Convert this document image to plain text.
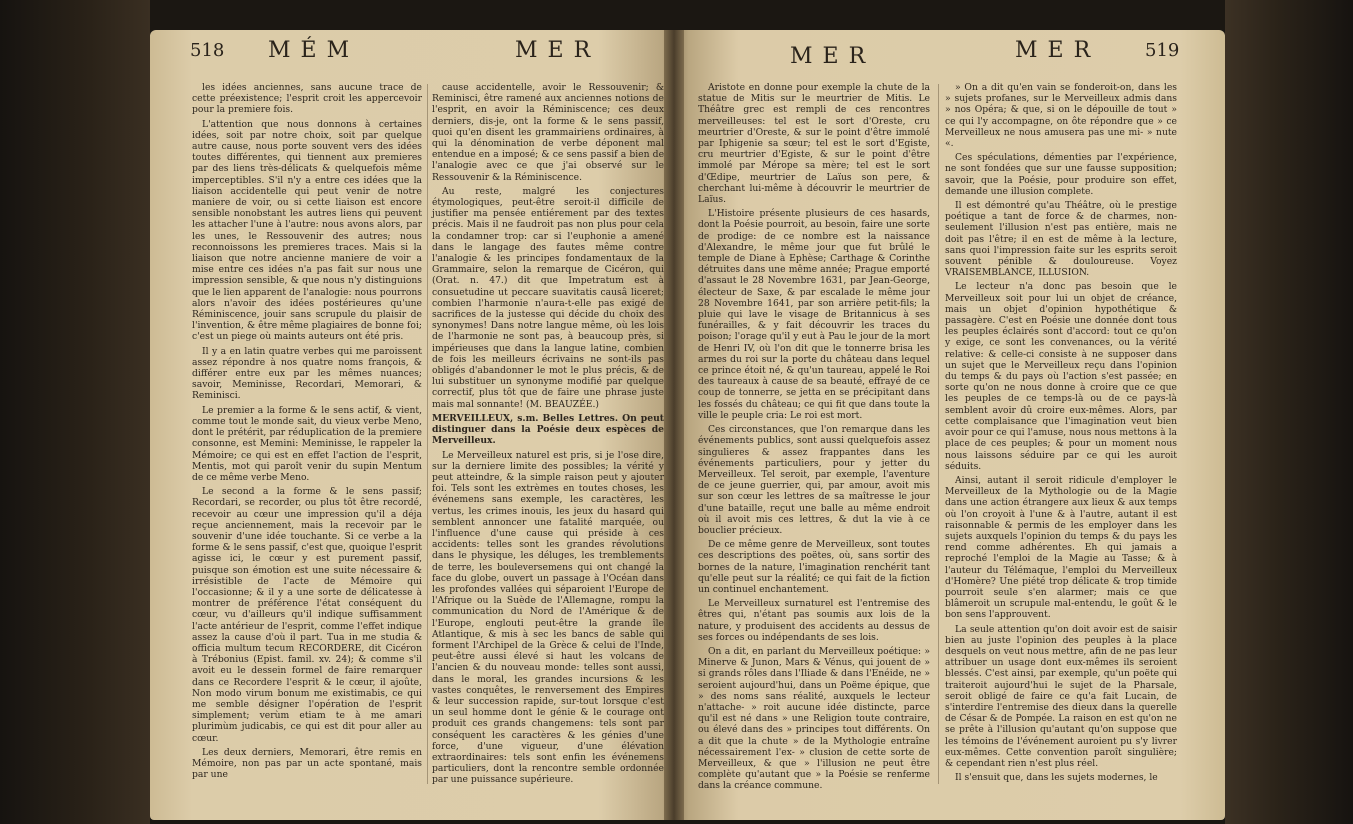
518 MÉM	MER	MER	MER 519

les idées anciennes, sans aucune trace de cette préexistence; l'esprit croit les appercevoir pour la premiere fois.

L'attention que nous donnons à certaines idées, soit par notre choix, soit par quelque autre cause, nous porte souvent vers des idées toutes différentes, qui tiennent aux premieres par des liens très-délicats & quelquefois même imperceptibles. S'il n'y a entre ces idées que la liaison accidentelle qui peut venir de notre maniere de voir, ou si cette liaison est encore sensible nonobstant les autres liens qui peuvent les attacher l'une à l'autre: nous avons alors, par les unes, le Ressouvenir des autres; nous reconnoissons les premieres traces. Mais si la liaison que notre ancienne maniere de voir a mise entre ces idées n'a pas fait sur nous une impression sensible, & que nous n'y distinguions que le lien apparent de l'analogie: nous pourrons alors n'avoir des idées postérieures qu'une Réminiscence, jouir sans scrupule du plaisir de l'invention, & être même plagiaires de bonne foi; c'est un piege où maints auteurs ont été pris.

Il y a en latin quatre verbes qui me paroissent assez répondre à nos quatre noms françois, & différer entre eux par les mêmes nuances; savoir, Meminisse, Recordari, Memorari, & Reminisci.

Le premier a la forme & le sens actif, & vient, comme tout le monde sait, du vieux verbe Meno, dont le prétérit, par réduplication de la premiere consonne, est Memini: Meminisse, le rappeler la Mémoire; ce qui est en effet l'action de l'esprit, Mentis, mot qui paroît venir du supin Mentum de ce même verbe Meno.

Le second a la forme & le sens passif; Recordari, se recorder, ou plus tôt être recordé, recevoir au cœur une impression qu'il a déja reçue anciennement, mais la recevoir par le souvenir d'une idée touchante. Si ce verbe a la forme & le sens passif, c'est que, quoique l'esprit agisse ici, le cœur y est purement passif, puisque son émotion est une suite nécessaire & irrésistible de l'acte de Mémoire qui l'occasionne; & il y a une sorte de délicatesse à montrer de préférence l'état conséquent du cœur, vu d'ailleurs qu'il indique suffisamment l'acte antérieur de l'esprit, comme l'effet indique assez la cause d'où il part. Tua in me studia & officia multum tecum RECORDERE, dit Cicéron à Trébonius (Epist. famil. xv. 24); & comme s'il avoit eu le dessein formel de faire remarquer dans ce Recordere l'esprit & le cœur, il ajoûte, Non modo virum bonum me existimabis, ce qui me semble désigner l'opération de l'esprit simplement; verùm etiam te à me amari plurimùm judicabis, ce qui est dit pour aller au cœur.

Les deux derniers, Memorari, être remis en Mémoire, non pas par un acte spontané, mais par une

cause accidentelle, avoir le Ressouvenir; & Reminisci, être ramené aux anciennes notions de l'esprit, en avoir la Réminiscence; ces deux derniers, dis-je, ont la forme & le sens passif, quoi qu'en disent les grammairiens ordinaires, à qui la dénomination de verbe déponent mal entendue en a imposé; & ce sens passif a bien de l'analogie avec ce que j'ai observé sur le Ressouvenir & la Réminiscence.

Au reste, malgré les conjectures étymologiques, peut-être seroit-il difficile de justifier ma pensée entiérement par des textes précis. Mais il ne faudroit pas non plus pour cela la condamner trop: car si l'euphonie a amené dans le langage des fautes même contre l'analogie & les principes fondamentaux de la Grammaire, selon la remarque de Cicéron, qui (Orat. n. 47.) dit que Impetratum est à consuetudine ut peccare suavitatis causâ liceret; combien l'harmonie n'aura-t-elle pas exigé de sacrifices de la justesse qui décide du choix des synonymes! Dans notre langue même, où les lois de l'harmonie ne sont pas, à beaucoup près, si impérieuses que dans la langue latine, combien de fois les meilleurs écrivains ne sont-ils pas obligés d'abandonner le mot le plus précis, & de lui substituer un synonyme modifié par quelque correctif, plus tôt que de faire une phrase juste mais mal sonnante! (M. BEAUZÉE.)

MERVEILLEUX, s.m. Belles Lettres. On peut distinguer dans la Poésie deux espèces de Merveilleux.

Le Merveilleux naturel est pris, si je l'ose dire, sur la derniere limite des possibles; la vérité y peut atteindre, & la simple raison peut y ajouter foi. Tels sont les extrèmes en toutes choses, les événemens sans exemple, les caractères, les vertus, les crimes inouis, les jeux du hasard qui semblent annoncer une fatalité marquée, ou l'influence d'une cause qui préside à ces accidents: telles sont les grandes révolutions dans le physique, les déluges, les tremblements de terre, les bouleversemens qui ont changé la face du globe, ouvert un passage à l'Océan dans les profondes vallées qui séparoient l'Europe de l'Afrique ou la Suède de l'Allemagne, rompu la communication du Nord de l'Amérique & de l'Europe, englouti peut-être la grande île Atlantique, & mis à sec les bancs de sable qui forment l'Archipel de la Grèce & celui de l'Inde, peut-être aussi élevé si haut les volcans de l'ancien & du nouveau monde: telles sont aussi, dans le moral, les grandes incursions & les vastes conquêtes, le renversement des Empires & leur succession rapide, sur-tout lorsque c'est un seul homme dont le génie & le courage ont produit ces grands changemens: tels sont par conséquent les caractères & les génies d'une force, d'une vigueur, d'une élévation extraordinaires: tels sont enfin les événemens particuliers, dont la rencontre semble ordonnée par une puissance supérieure.

Aristote en donne pour exemple la chute de la statue de Mitis sur le meurtrier de Mitis. Le Théâtre grec est rempli de ces rencontres merveilleuses: tel est le sort d'Oreste, cru meurtrier d'Oreste, & sur le point d'être immolé par Iphigenie sa sœur; tel est le sort d'Egiste, cru meurtrier d'Egiste, & sur le point d'être immolé par Mérope sa mère; tel est le sort d'Œdipe, meurtrier de Laïus son pere, & cherchant lui-même à découvrir le meurtrier de Laïus.

L'Histoire présente plusieurs de ces hasards, dont la Poésie pourroit, au besoin, faire une sorte de prodige: de ce nombre est la naissance d'Alexandre, le même jour que fut brûlé le temple de Diane à Ephèse; Carthage & Corinthe détruites dans une même année; Prague emporté d'assaut le 28 Novembre 1631, par Jean-George, électeur de Saxe, & par escalade le même jour 28 Novembre 1641, par son arrière petit-fils; la pluie qui lave le visage de Britannicus à ses funérailles, & y fait découvrir les traces du poison; l'orage qu'il y eut à Pau le jour de la mort de Henri IV, où l'on dit que le tonnerre brisa les armes du roi sur la porte du château dans lequel ce prince étoit né, & qu'un taureau, appelé le Roi des taureaux à cause de sa beauté, effrayé de ce coup de tonnerre, se jetta en se précipitant dans les fossés du château; ce qui fit que dans toute la ville le peuple cria: Le roi est mort.

Ces circonstances, que l'on remarque dans les événements publics, sont aussi quelquefois assez singulieres & assez frappantes dans les événements particuliers, pour y jetter du Merveilleux. Tel seroit, par exemple, l'aventure de ce jeune guerrier, qui, par amour, avoit mis sur son cœur les lettres de sa maîtresse le jour d'une bataille, reçut une balle au même endroit où il avoit mis ces lettres, & dut la vie à ce bouclier précieux.

De ce même genre de Merveilleux, sont toutes ces descriptions des poëtes, où, sans sortir des bornes de la nature, l'imagination renchérit tant qu'elle peut sur la réalité; ce qui fait de la fiction un continuel enchantement.

Le Merveilleux surnaturel est l'entremise des êtres qui, n'étant pas soumis aux lois de la nature, y produisent des accidents au dessus de ses forces ou indépendants de ses lois.

On a dit, en parlant du Merveilleux poétique: » Minerve & Junon, Mars & Vénus, qui jouent de » si grands rôles dans l'Iliade & dans l'Enéide, ne » seroient aujourd'hui, dans un Poëme épique, que » des noms sans réalité, auxquels le lecteur n'attache- » roit aucune idée distincte, parce qu'il est né dans » une Religion toute contraire, ou élevé dans des » principes tout différents. On a dit que la chute » de la Mythologie entraîne nécessairement l'ex- » clusion de cette sorte de Merveilleux, & que » l'illusion ne peut être complète qu'autant que » la Poésie se renferme dans la créance commune.

» On a dit qu'en vain se fonderoit-on, dans les » sujets profanes, sur le Merveilleux admis dans » nos Opéra; & que, si on le dépouille de tout » ce qui l'y accompagne, on ôte répondre que » ce Merveilleux ne nous amusera pas une mi- » nute «.

Ces spéculations, démenties par l'expérience, ne sont fondées que sur une fausse supposition; savoir, que la Poésie, pour produire son effet, demande une illusion complete.

Il est démontré qu'au Théâtre, où le prestige poétique a tant de force & de charmes, non-seulement l'illusion n'est pas entière, mais ne doit pas l'être; il en est de même à la lecture, sans quoi l'impression faite sur les esprits seroit souvent pénible & douloureuse. Voyez VRAISEMBLANCE, ILLUSION.

Le lecteur n'a donc pas besoin que le Merveilleux soit pour lui un objet de créance, mais un objet d'opinion hypothétique & passagère. C'est en Poésie une donnée dont tous les peuples éclairés sont d'accord: tout ce qu'on y exige, ce sont les convenances, ou la vérité relative: & celle-ci consiste à ne supposer dans un sujet que le Merveilleux reçu dans l'opinion du temps & du pays où l'action s'est passée; en sorte qu'on ne nous donne à croire que ce que les peuples de ce temps-là ou de ce pays-là semblent avoir dû croire eux-mêmes. Alors, par cette complaisance que l'imagination veut bien avoir pour ce qui l'amuse, nous nous mettons à la place de ces peuples; & pour un moment nous nous laissons séduire par ce qui les auroit séduits.

Ainsi, autant il seroit ridicule d'employer le Merveilleux de la Mythologie ou de la Magie dans une action étrangere aux lieux & aux temps où l'on croyoit à l'une & à l'autre, autant il est raisonnable & permis de les employer dans les sujets auxquels l'opinion du temps & du pays les rend comme adhérentes. Eh qui jamais a reproché l'emploi de la Magie au Tasse; & à l'auteur du Télémaque, l'emploi du Merveilleux d'Homère? Une piété trop délicate & trop timide pourroit seule s'en alarmer; mais ce que blâmeroit un scrupule mal-entendu, le goût & le bon sens l'approuvent.

La seule attention qu'on doit avoir est de saisir bien au juste l'opinion des peuples à la place desquels on veut nous mettre, afin de ne pas leur attribuer un usage dont eux-mêmes ils seroient blessés. C'est ainsi, par exemple, qu'un poëte qui traiteroit aujourd'hui le sujet de la Pharsale, seroit obligé de faire ce qu'a fait Lucain, de s'interdire l'entremise des dieux dans la querelle de César & de Pompée. La raison en est qu'on ne se prête à l'illusion qu'autant qu'on suppose que les témoins de l'événement auroient pu s'y livrer eux-mêmes. Cette convention paroît singulière; & cependant rien n'est plus réel.

Il s'ensuit que, dans les sujets modernes, le
